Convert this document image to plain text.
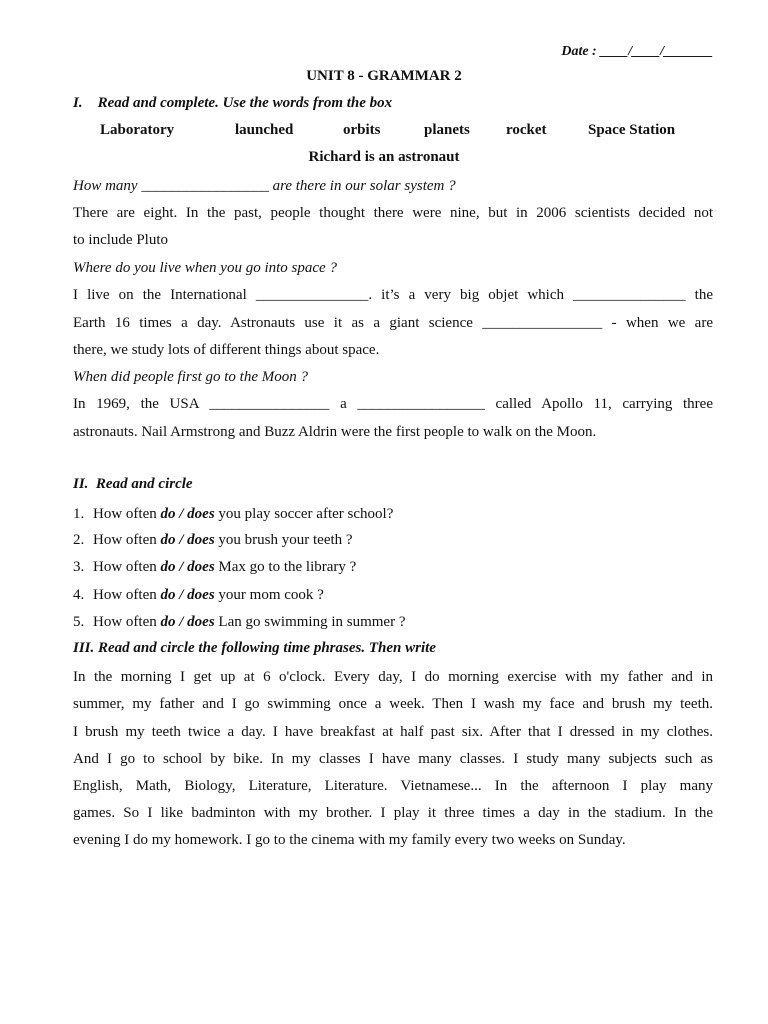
Date : ____/____/_______
UNIT 8 - GRAMMAR 2
I.    Read and complete. Use the words from the box
Laboratory	launched	orbits	planets rocket	Space Station
Richard is an astronaut
How many _________________ are there in our solar system ?
There are eight. In the past, people thought there were nine, but in 2006 scientists decided not
to include Pluto
Where do you live when you go into space ?
I live on the International _______________. it’s a very big objet which _______________ the
Earth 16 times a day. Astronauts use it as a giant science ________________ - when we are
there, we study lots of different things about space.
When did people first go to the Moon ?
In 1969, the USA ________________ a _________________ called Apollo 11, carrying three
astronauts. Nail Armstrong and Buzz Aldrin were the first people to walk on the Moon.
II.  Read and circle
1. How often do / does you play soccer after school?
2. How often do / does you brush your teeth ?
3. How often do / does Max go to the library ?
4. How often do / does your mom cook ?
5. How often do / does Lan go swimming in summer ?
III. Read and circle the following time phrases. Then write
In the morning I get up at 6 o'clock. Every day, I do morning exercise with my father and in
summer, my father and I go swimming once a week. Then I wash my face and brush my teeth.
I brush my teeth twice a day. I have breakfast at half past six. After that I dressed in my clothes.
And I go to school by bike. In my classes I have many classes. I study many subjects such as
English, Math, Biology, Literature, Literature. Vietnamese... In the afternoon I play many
games. So I like badminton with my brother. I play it three times a day in the stadium. In the
evening I do my homework. I go to the cinema with my family every two weeks on Sunday.
